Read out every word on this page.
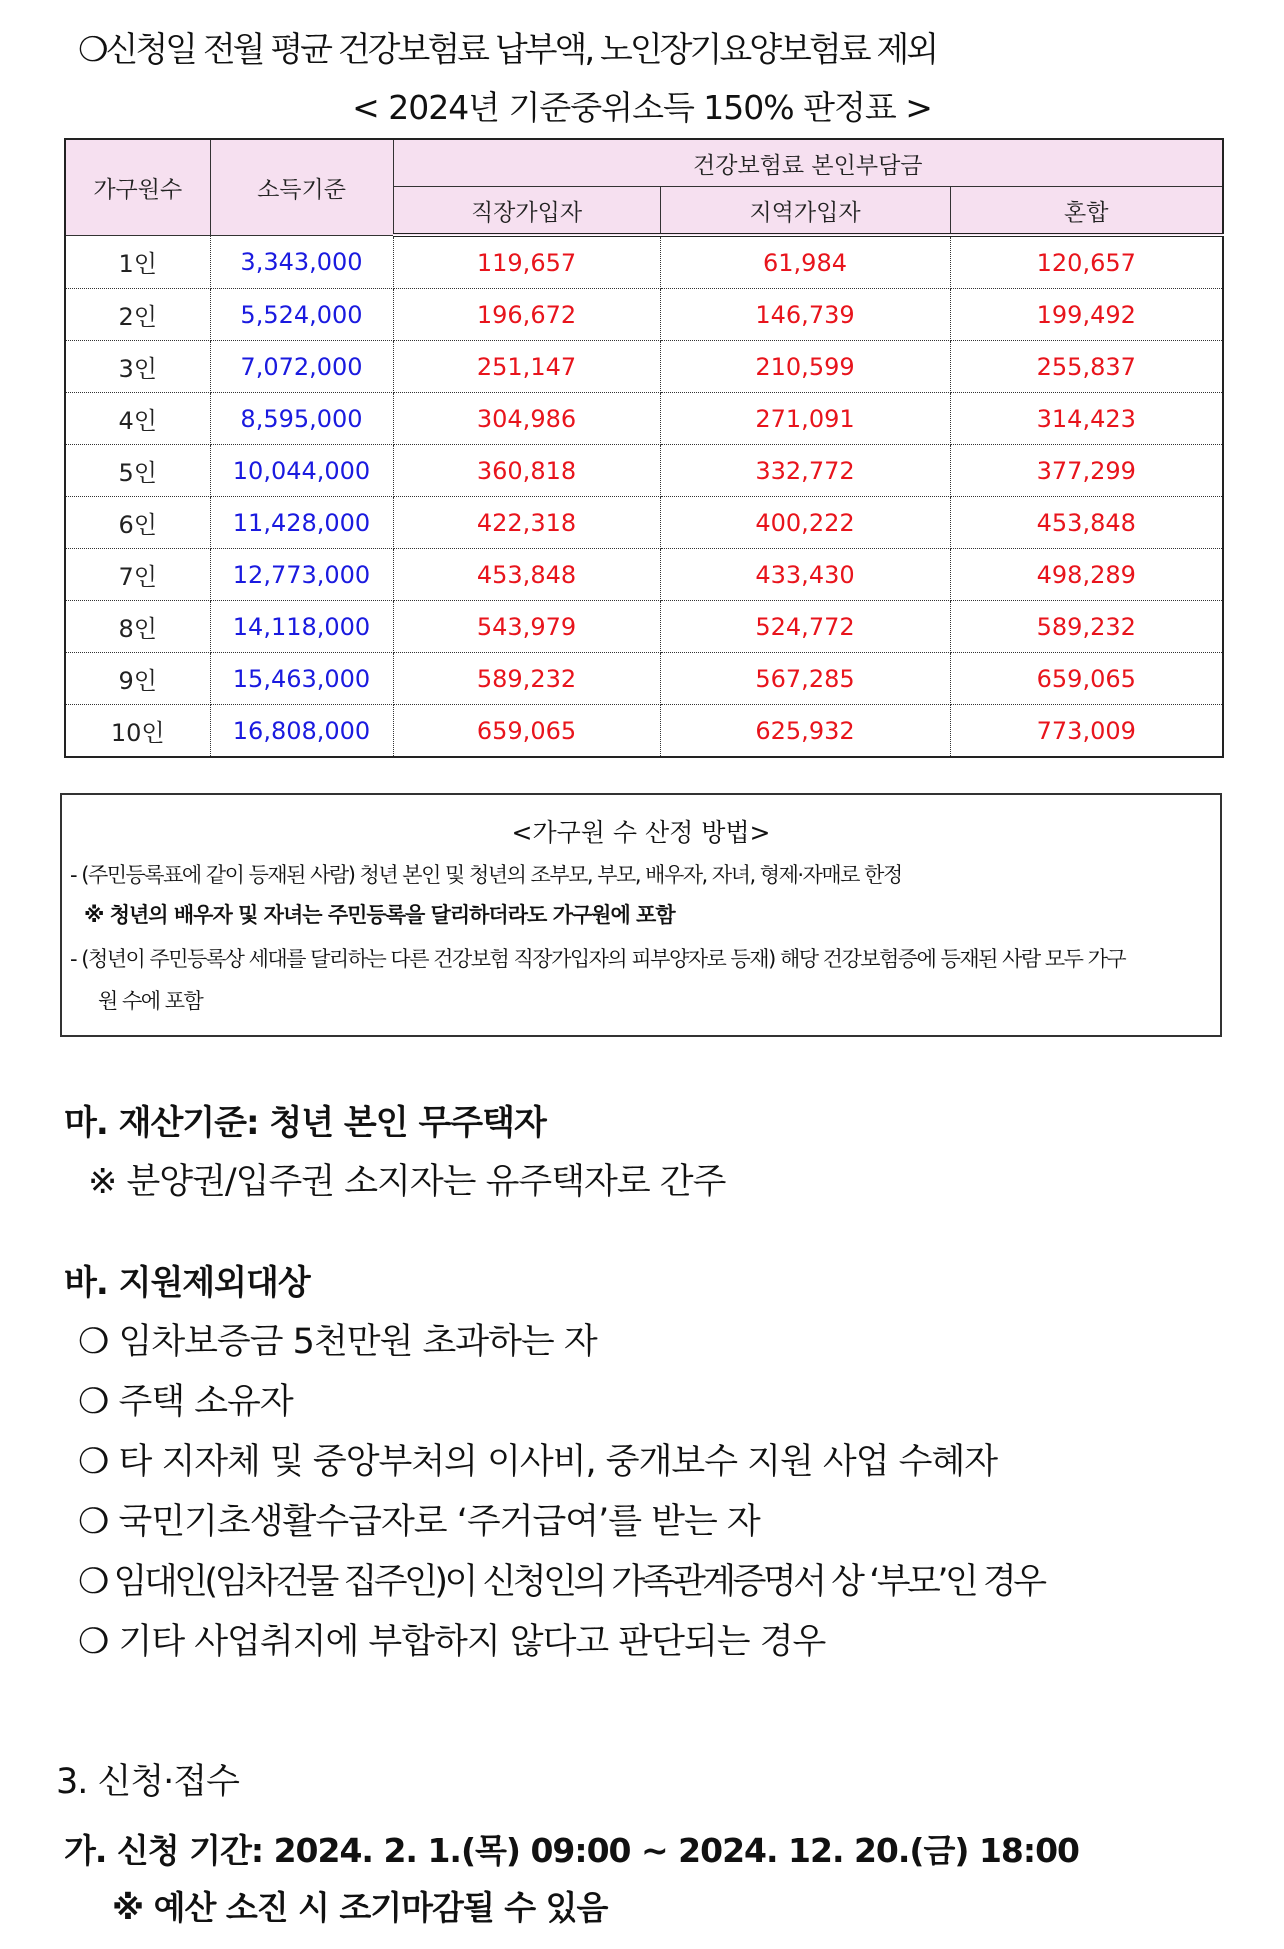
❍신청일 전월 평균 건강보험료 납부액, 노인장기요양보험료 제외
< 2024년 기준중위소득 150% 판정표 >
가구원수	소득기준	건강보험료 본인부담금		
		직장가입자	지역가입자	혼합
1인	3,343,000	119,657	61,984	120,657
2인	5,524,000	196,672	146,739	199,492
3인	7,072,000	251,147	210,599	255,837
4인	8,595,000	304,986	271,091	314,423
5인	10,044,000	360,818	332,772	377,299
6인	11,428,000	422,318	400,222	453,848
7인	12,773,000	453,848	433,430	498,289
8인	14,118,000	543,979	524,772	589,232
9인	15,463,000	589,232	567,285	659,065
10인	16,808,000	659,065	625,932	773,009
<가구원 수 산정 방법>
- (주민등록표에 같이 등재된 사람) 청년 본인 및 청년의 조부모, 부모, 배우자, 자녀, 형제·자매로 한정
※ 청년의 배우자 및 자녀는 주민등록을 달리하더라도 가구원에 포함
- (청년이 주민등록상 세대를 달리하는 다른 건강보험 직장가입자의 피부양자로 등재) 해당 건강보험증에 등재된 사람 모두 가구
원 수에 포함
마. 재산기준: 청년 본인 무주택자
※ 분양권/입주권 소지자는 유주택자로 간주
바. 지원제외대상
❍ 임차보증금 5천만원 초과하는 자
❍ 주택 소유자
❍ 타 지자체 및 중앙부처의 이사비, 중개보수 지원 사업 수혜자
❍ 국민기초생활수급자로 ‘주거급여’를 받는 자
❍ 임대인(임차건물 집주인)이 신청인의 가족관계증명서 상 ‘부모’인 경우
❍ 기타 사업취지에 부합하지 않다고 판단되는 경우
3. 신청·접수
가. 신청 기간: 2024. 2. 1.(목) 09:00 ~ 2024. 12. 20.(금) 18:00
※ 예산 소진 시 조기마감될 수 있음
